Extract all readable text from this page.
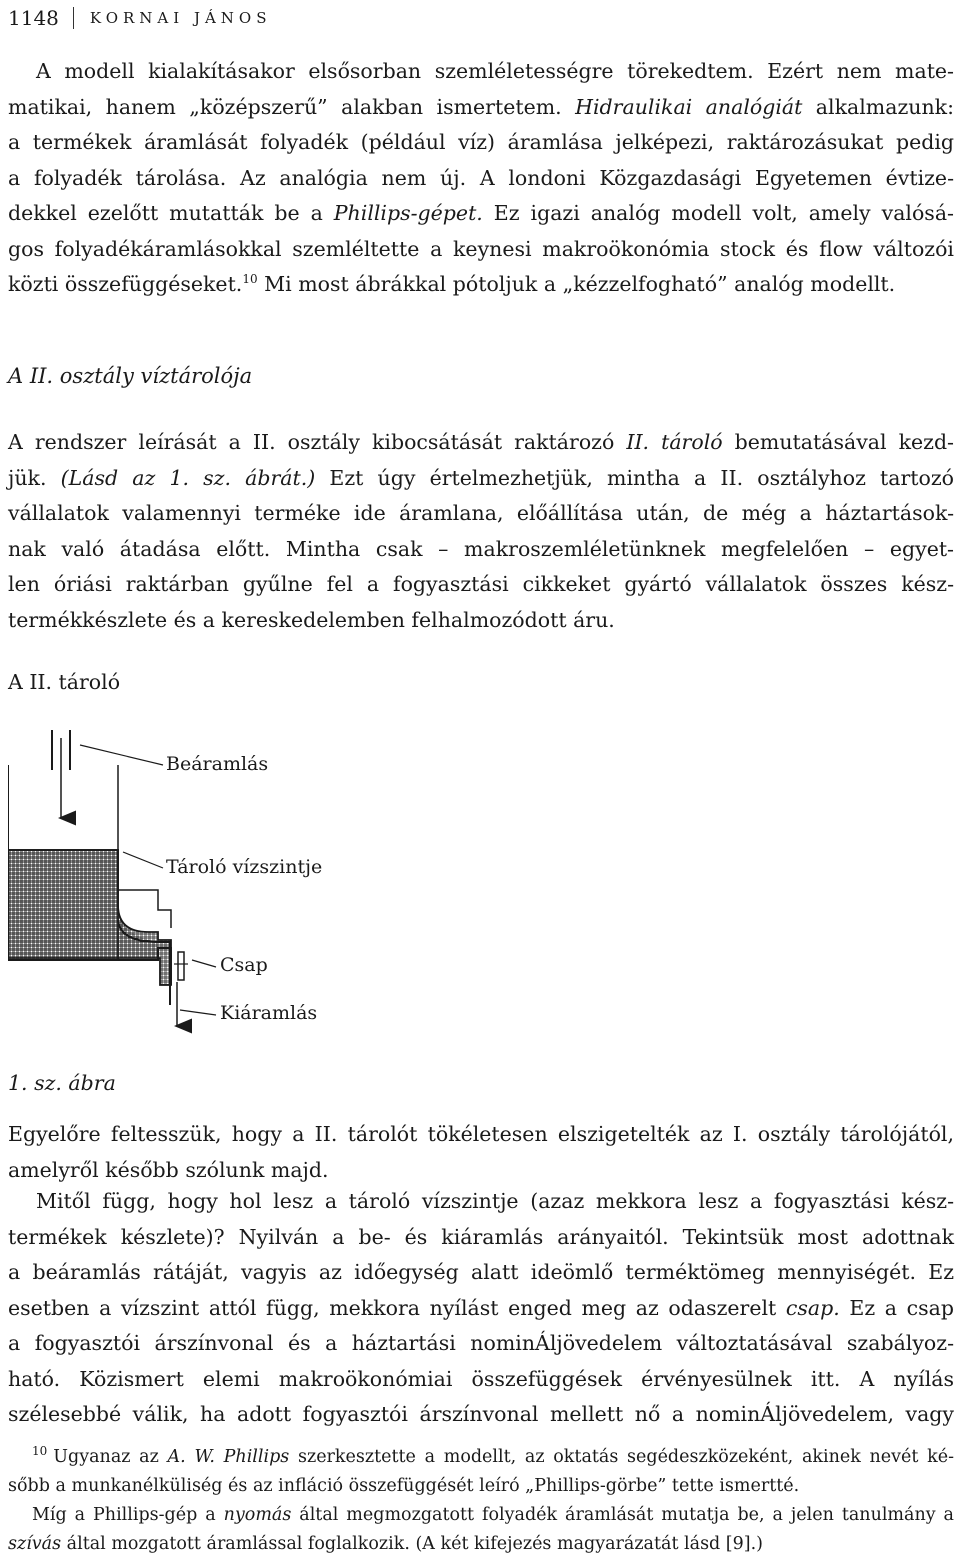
1148	KORNAI JÁNOS

A modell kialakításakor elsősorban szemléletességre törekedtem. Ezért nem mate-
matikai, hanem „középszerű” alakban ismertetem. Hidraulikai analógiát alkalmazunk:
a termékek áramlását folyadék (például víz) áramlása jelképezi, raktározásukat pedig
a folyadék tárolása. Az analógia nem új. A londoni Közgazdasági Egyetemen évtize-
dekkel ezelőtt mutatták be a Phillips-gépet. Ez igazi analóg modell volt, amely valósá-
gos folyadékáramlásokkal szemléltette a keynesi makroökonómia stock és flow változói
közti összefüggéseket.$^{10}$ Mi most ábrákkal pótoljuk a „kézzelfogható” analóg modellt.

A II. osztály víztárolója

A rendszer leírását a II. osztály kibocsátását raktározó II. tároló bemutatásával kezd-
jük. (Lásd az 1. sz. ábrát.) Ezt úgy értelmezhetjük, mintha a II. osztályhoz tartozó
vállalatok valamennyi terméke ide áramlana, előállítása után, de még a háztartások-
nak való átadása előtt. Mintha csak – makroszemléletünknek megfelelően – egyet-
len óriási raktárban gyűlne fel a fogyasztási cikkeket gyártó vállalatok összes kész-
termékkészlete és a kereskedelemben felhalmozódott áru.

A II. tároló

Beáramlás
Tároló vízszintje
Csap
Kiáramlás

1. sz. ábra

Egyelőre feltesszük, hogy a II. tárolót tökéletesen elszigetelték az I. osztály tárolójától,
amelyről később szólunk majd.

Mitől függ, hogy hol lesz a tároló vízszintje (azaz mekkora lesz a fogyasztási kész-
termékek készlete)? Nyilván a be- és kiáramlás arányaitól. Tekintsük most adottnak
a beáramlás rátáját, vagyis az időegység alatt ideömlő terméktömeg mennyiségét. Ez
esetben a vízszint attól függ, mekkora nyílást enged meg az odaszerelt csap. Ez a csap
a fogyasztói árszínvonal és a háztartási nominÁljövedelem változtatásával szabályoz-
ható. Közismert elemi makroökonómiai összefüggések érvényesülnek itt. A nyílás
szélesebbé válik, ha adott fogyasztói árszínvonal mellett nő a nominÁljövedelem, vagy

$^{10}$ Ugyanaz az A. W. Phillips szerkesztette a modellt, az oktatás segédeszközeként, akinek nevét ké-
sőbb a munkanélküliség és az infláció összefüggését leíró „Phillips-görbe” tette ismertté.
Míg a Phillips-gép a nyomás által megmozgatott folyadék áramlását mutatja be, a jelen tanulmány a
szívás által mozgatott áramlással foglalkozik. (A két kifejezés magyarázatát lásd [9].)
